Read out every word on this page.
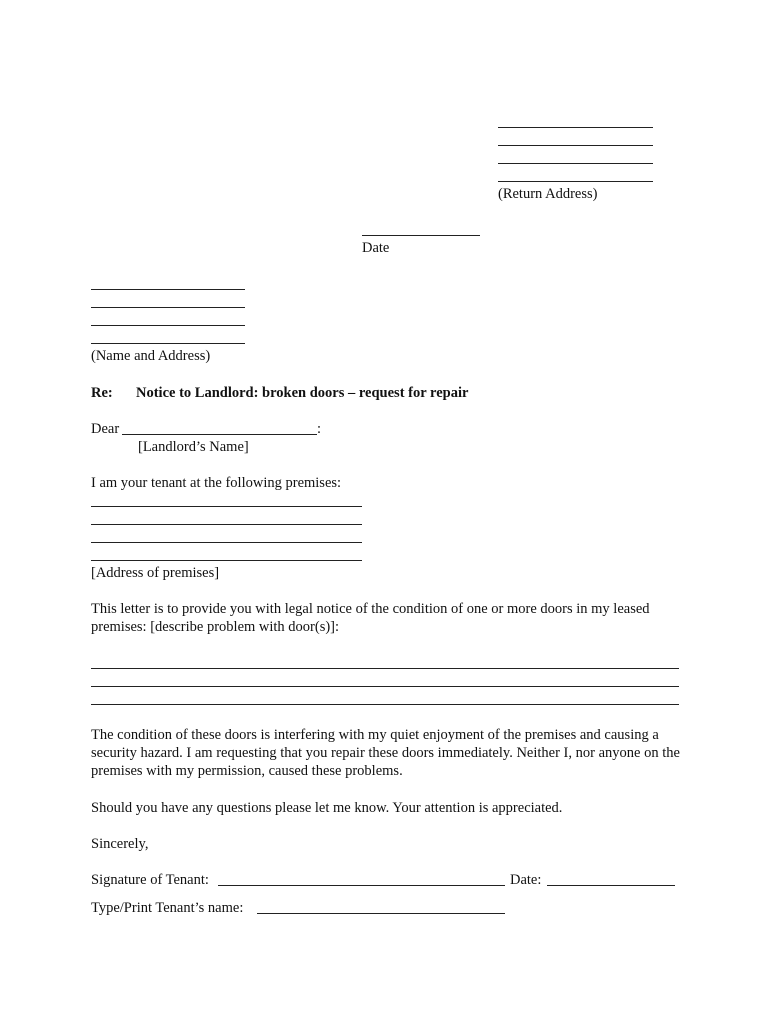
(Return Address)
Date
(Name and Address)
Re: Notice to Landlord: broken doors – request for repair
Dear	:
[Landlord’s Name]
I am your tenant at the following premises:
[Address of premises]
This letter is to provide you with legal notice of the condition of one or more doors in my leased premises: [describe problem with door(s)]:
The condition of these doors is interfering with my quiet enjoyment of the premises and causing a security hazard. I am requesting that you repair these doors immediately. Neither I, nor anyone on the premises with my permission, caused these problems.
Should you have any questions please let me know. Your attention is appreciated.
Sincerely,
Signature of Tenant:	Date:
Type/Print Tenant’s name:
